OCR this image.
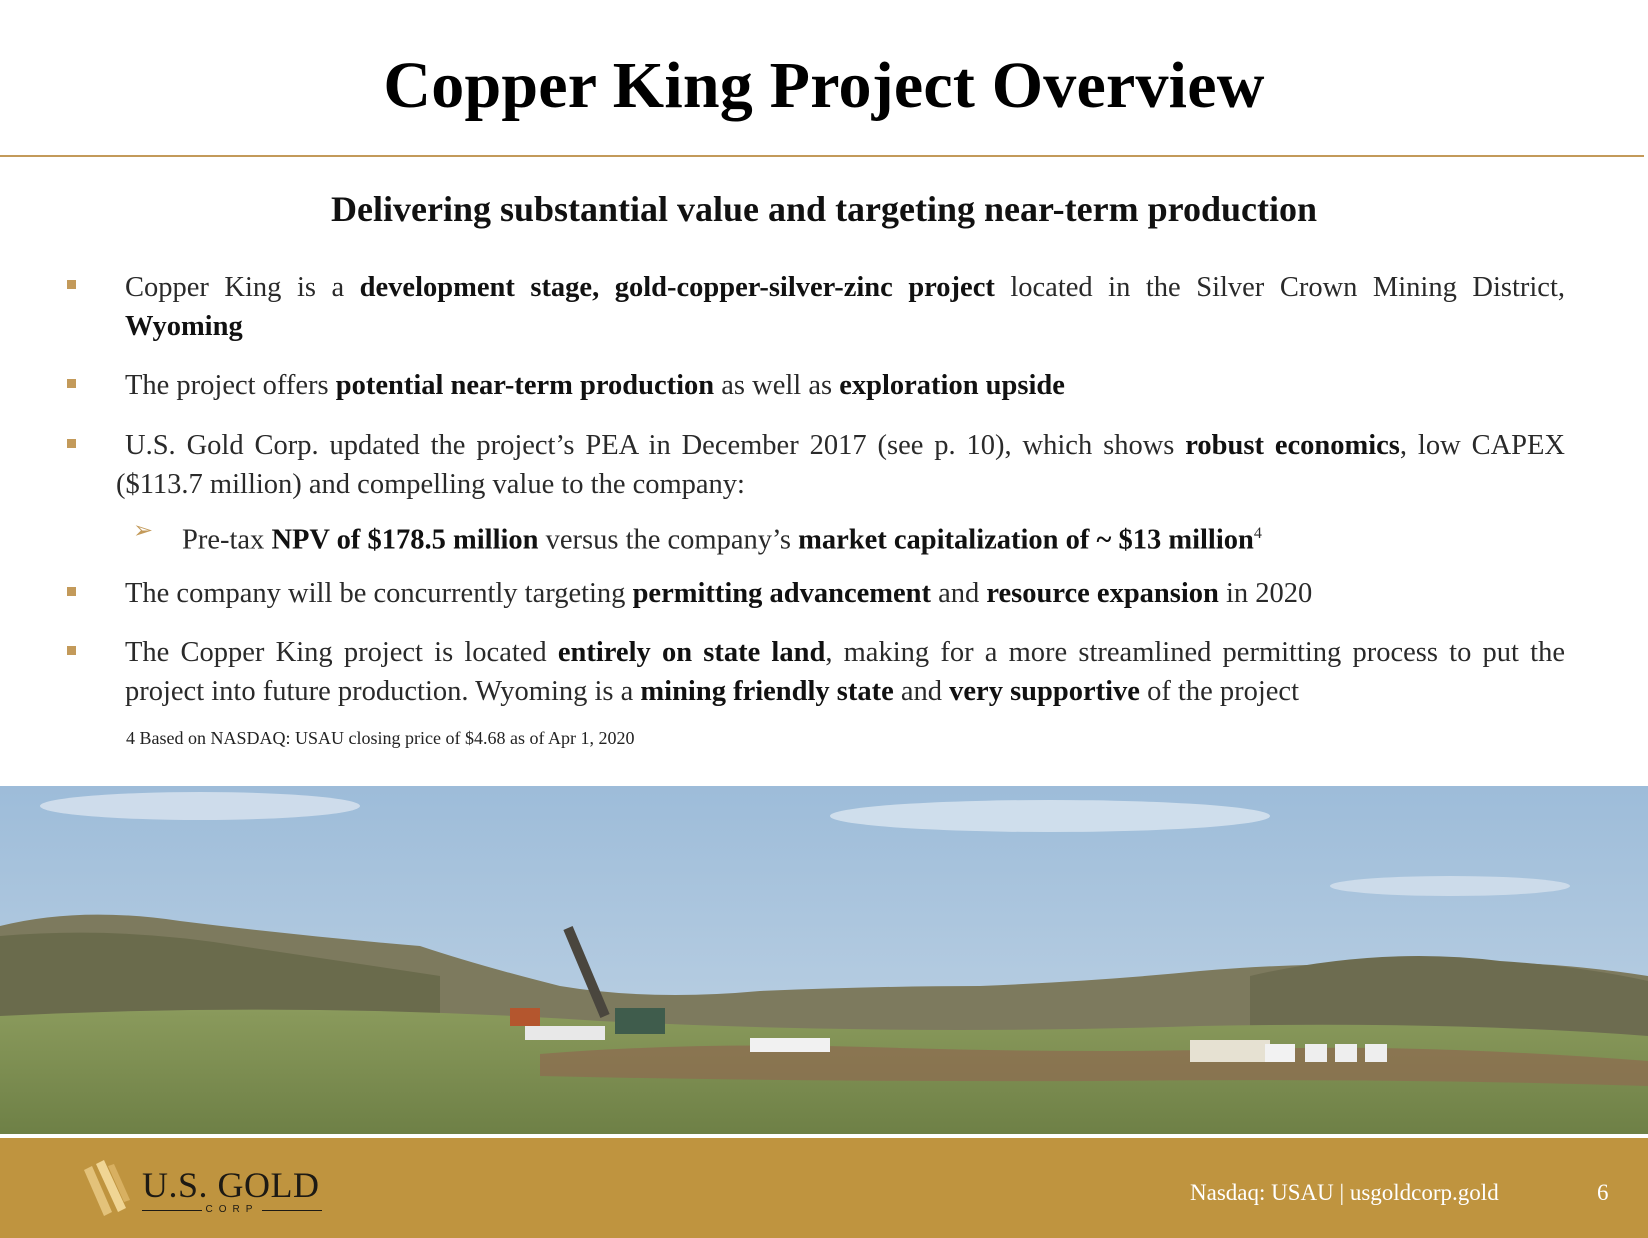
Copper King Project Overview
Delivering substantial value and targeting near-term production
Copper King is a development stage, gold-copper-silver-zinc project located in the Silver Crown Mining District, Wyoming
The project offers potential near-term production as well as exploration upside
U.S. Gold Corp. updated the project’s PEA in December 2017 (see p. 10), which shows robust economics, low CAPEX ($113.7 million) and compelling value to the company:
➢ Pre-tax NPV of $178.5 million versus the company’s market capitalization of ~ $13 million$^4$
The company will be concurrently targeting permitting advancement and resource expansion in 2020
The Copper King project is located entirely on state land, making for a more streamlined permitting process to put the project into future production. Wyoming is a mining friendly state and very supportive of the project
4 Based on NASDAQ: USAU closing price of $4.68 as of Apr 1, 2020
U.S. GOLD
CORP
Nasdaq: USAU | usgoldcorp.gold	6
